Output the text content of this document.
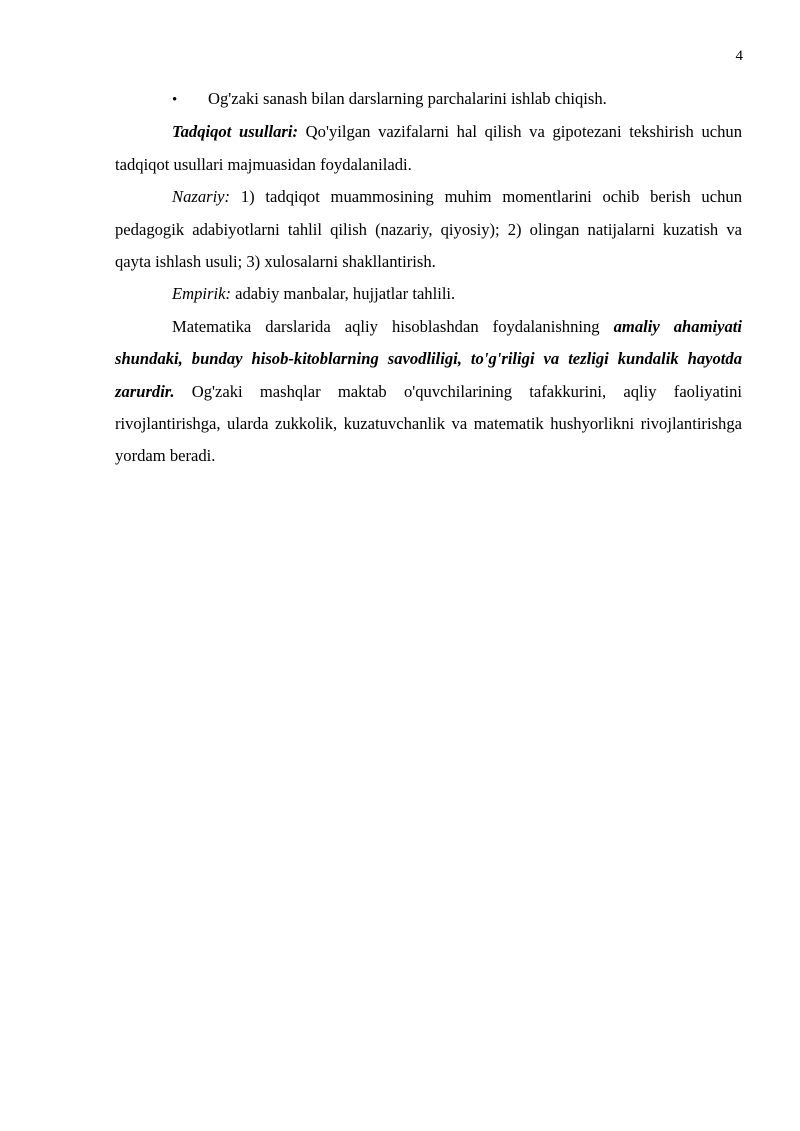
4
•	Og'zaki sanash bilan darslarning parchalarini ishlab chiqish.

Tadqiqot usullari: Qo'yilgan vazifalarni hal qilish va gipotezani tekshirish uchun tadqiqot usullari majmuasidan foydalaniladi.

Nazariy: 1) tadqiqot muammosining muhim momentlarini ochib berish uchun pedagogik adabiyotlarni tahlil qilish (nazariy, qiyosiy); 2) olingan natijalarni kuzatish va qayta ishlash usuli; 3) xulosalarni shakllantirish.

Empirik: adabiy manbalar, hujjatlar tahlili.

Matematika darslarida aqliy hisoblashdan foydalanishning amaliy ahamiyati shundaki, bunday hisob-kitoblarning savodliligi, to'g'riligi va tezligi kundalik hayotda zarurdir. Og'zaki mashqlar maktab o'quvchilarining tafakkurini, aqliy faoliyatini rivojlantirishga, ularda zukkolik, kuzatuvchanlik va matematik hushyorlikni rivojlantirishga yordam beradi.
